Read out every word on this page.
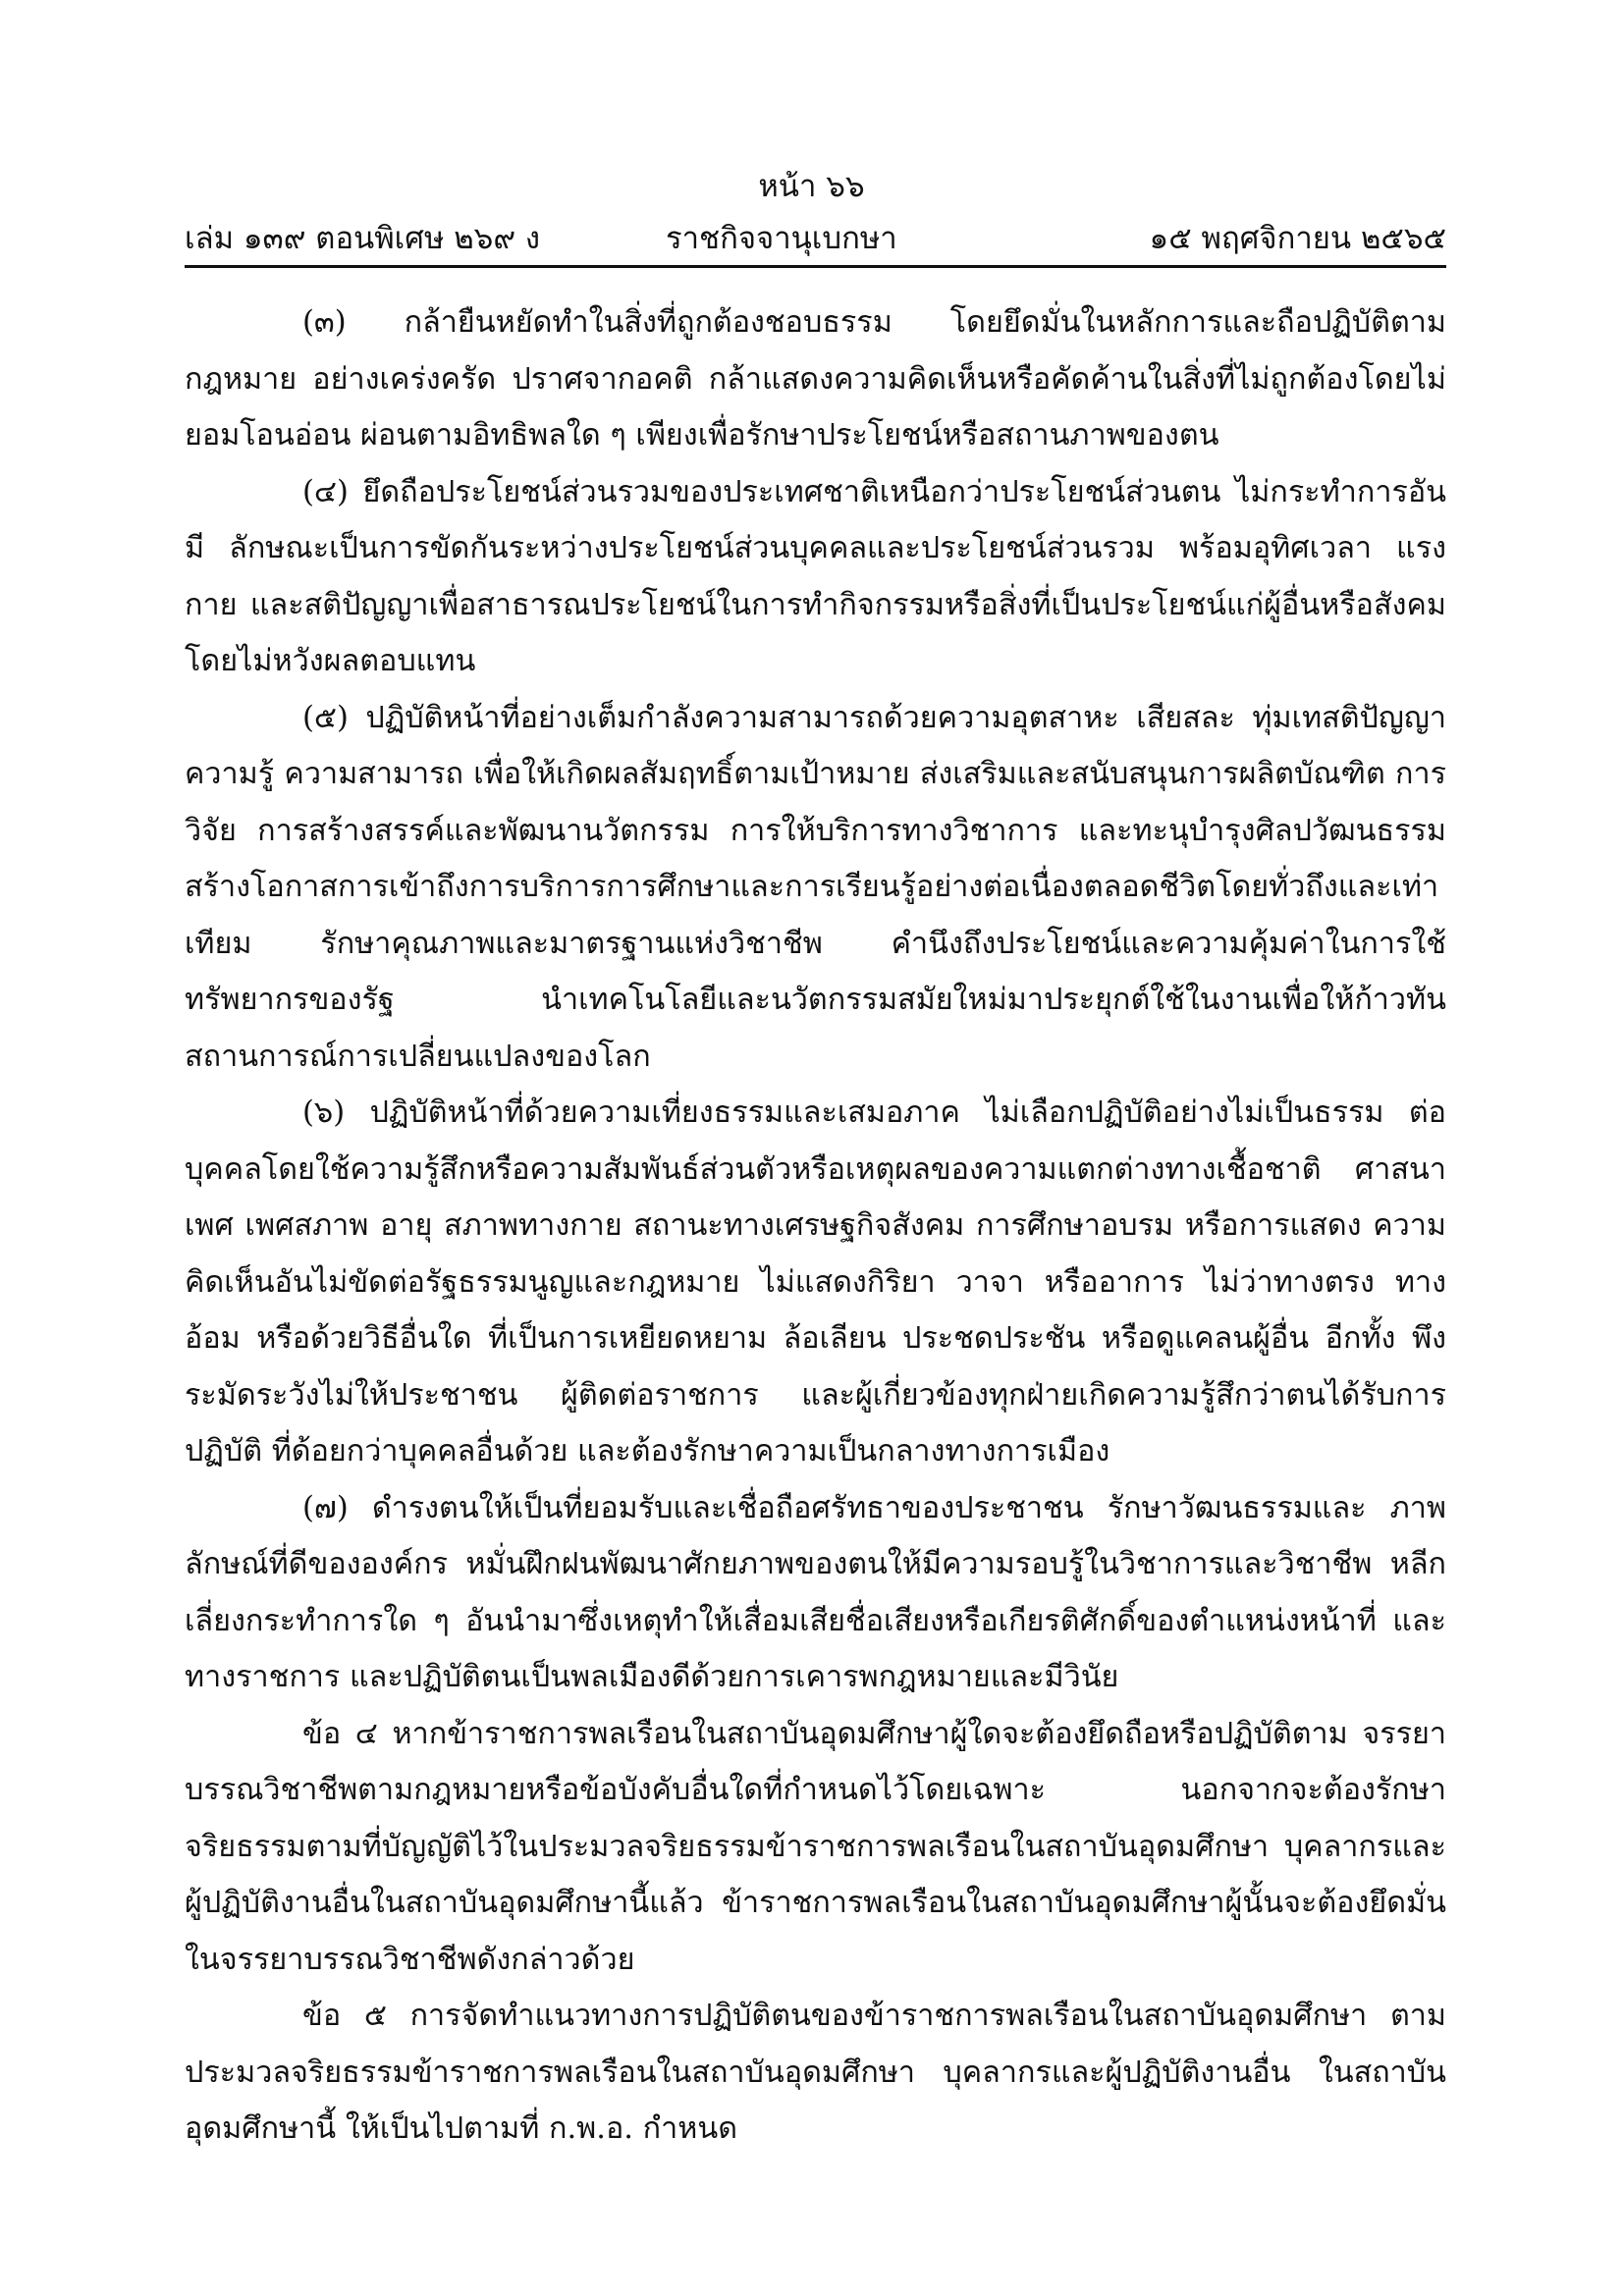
หน้า ๖๖
เล่ม ๑๓๙ ตอนพิเศษ ๒๖๙ ง	ราชกิจจานุเบกษา	๑๕ พฤศจิกายน ๒๕๖๕

(๓) กล้ายืนหยัดทำในสิ่งที่ถูกต้องชอบธรรม โดยยึดมั่นในหลักการและถือปฏิบัติตามกฎหมาย อย่างเคร่งครัด ปราศจากอคติ กล้าแสดงความคิดเห็นหรือคัดค้านในสิ่งที่ไม่ถูกต้องโดยไม่ยอมโอนอ่อน ผ่อนตามอิทธิพลใด ๆ เพียงเพื่อรักษาประโยชน์หรือสถานภาพของตน

(๔) ยึดถือประโยชน์ส่วนรวมของประเทศชาติเหนือกว่าประโยชน์ส่วนตน ไม่กระทำการอันมี ลักษณะเป็นการขัดกันระหว่างประโยชน์ส่วนบุคคลและประโยชน์ส่วนรวม พร้อมอุทิศเวลา แรงกาย และสติปัญญาเพื่อสาธารณประโยชน์ในการทำกิจกรรมหรือสิ่งที่เป็นประโยชน์แก่ผู้อื่นหรือสังคม โดยไม่หวังผลตอบแทน

(๕) ปฏิบัติหน้าที่อย่างเต็มกำลังความสามารถด้วยความอุตสาหะ เสียสละ ทุ่มเทสติปัญญา ความรู้ ความสามารถ เพื่อให้เกิดผลสัมฤทธิ์ตามเป้าหมาย ส่งเสริมและสนับสนุนการผลิตบัณฑิต การวิจัย การสร้างสรรค์และพัฒนานวัตกรรม การให้บริการทางวิชาการ และทะนุบำรุงศิลปวัฒนธรรม สร้างโอกาสการเข้าถึงการบริการการศึกษาและการเรียนรู้อย่างต่อเนื่องตลอดชีวิตโดยทั่วถึงและเท่าเทียม รักษาคุณภาพและมาตรฐานแห่งวิชาชีพ คำนึงถึงประโยชน์และความคุ้มค่าในการใช้ทรัพยากรของรัฐ นำเทคโนโลยีและนวัตกรรมสมัยใหม่มาประยุกต์ใช้ในงานเพื่อให้ก้าวทันสถานการณ์การเปลี่ยนแปลงของโลก

(๖) ปฏิบัติหน้าที่ด้วยความเที่ยงธรรมและเสมอภาค ไม่เลือกปฏิบัติอย่างไม่เป็นธรรม ต่อบุคคลโดยใช้ความรู้สึกหรือความสัมพันธ์ส่วนตัวหรือเหตุผลของความแตกต่างทางเชื้อชาติ ศาสนา เพศ เพศสภาพ อายุ สภาพทางกาย สถานะทางเศรษฐกิจสังคม การศึกษาอบรม หรือการแสดง ความคิดเห็นอันไม่ขัดต่อรัฐธรรมนูญและกฎหมาย ไม่แสดงกิริยา วาจา หรืออาการ ไม่ว่าทางตรง ทางอ้อม หรือด้วยวิธีอื่นใด ที่เป็นการเหยียดหยาม ล้อเลียน ประชดประชัน หรือดูแคลนผู้อื่น อีกทั้ง พึงระมัดระวังไม่ให้ประชาชน ผู้ติดต่อราชการ และผู้เกี่ยวข้องทุกฝ่ายเกิดความรู้สึกว่าตนได้รับการปฏิบัติ ที่ด้อยกว่าบุคคลอื่นด้วย และต้องรักษาความเป็นกลางทางการเมือง

(๗) ดำรงตนให้เป็นที่ยอมรับและเชื่อถือศรัทธาของประชาชน รักษาวัฒนธรรมและ ภาพลักษณ์ที่ดีขององค์กร หมั่นฝึกฝนพัฒนาศักยภาพของตนให้มีความรอบรู้ในวิชาการและวิชาชีพ หลีกเลี่ยงกระทำการใด ๆ อันนำมาซึ่งเหตุทำให้เสื่อมเสียชื่อเสียงหรือเกียรติศักดิ์ของตำแหน่งหน้าที่ และทางราชการ และปฏิบัติตนเป็นพลเมืองดีด้วยการเคารพกฎหมายและมีวินัย

ข้อ ๔ หากข้าราชการพลเรือนในสถาบันอุดมศึกษาผู้ใดจะต้องยึดถือหรือปฏิบัติตาม จรรยาบรรณวิชาชีพตามกฎหมายหรือข้อบังคับอื่นใดที่กำหนดไว้โดยเฉพาะ นอกจากจะต้องรักษา จริยธรรมตามที่บัญญัติไว้ในประมวลจริยธรรมข้าราชการพลเรือนในสถาบันอุดมศึกษา บุคลากรและ ผู้ปฏิบัติงานอื่นในสถาบันอุดมศึกษานี้แล้ว ข้าราชการพลเรือนในสถาบันอุดมศึกษาผู้นั้นจะต้องยึดมั่น ในจรรยาบรรณวิชาชีพดังกล่าวด้วย

ข้อ ๕ การจัดทำแนวทางการปฏิบัติตนของข้าราชการพลเรือนในสถาบันอุดมศึกษา ตามประมวลจริยธรรมข้าราชการพลเรือนในสถาบันอุดมศึกษา บุคลากรและผู้ปฏิบัติงานอื่น ในสถาบันอุดมศึกษานี้ ให้เป็นไปตามที่ ก.พ.อ. กำหนด
